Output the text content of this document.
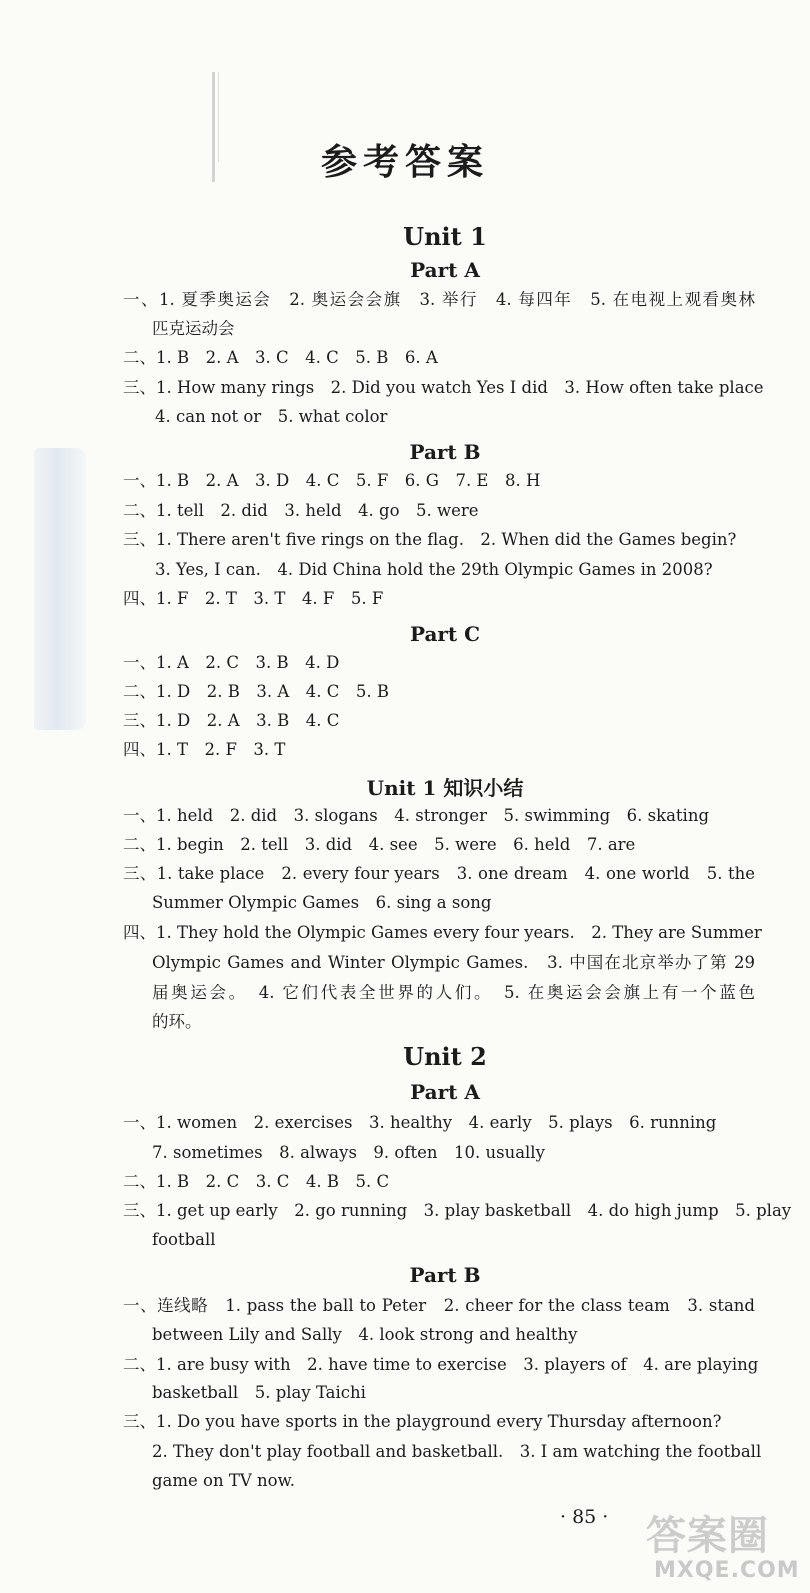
参考答案
Unit 1
Part A
一、1. 夏季奥运会　2. 奥运会会旗　3. 举行　4. 每四年　5. 在电视上观看奥林
匹克运动会
二、1. B　2. A　3. C　4. C　5. B　6. A
三、1. How many rings　2. Did you watch Yes I did　3. How often take place
4. can not or　5. what color
Part B
一、1. B　2. A　3. D　4. C　5. F　6. G　7. E　8. H
二、1. tell　2. did　3. held　4. go　5. were
三、1. There aren't five rings on the flag.　2. When did the Games begin?
3. Yes, I can.　4. Did China hold the 29th Olympic Games in 2008?
四、1. F　2. T　3. T　4. F　5. F
Part C
一、1. A　2. C　3. B　4. D
二、1. D　2. B　3. A　4. C　5. B
三、1. D　2. A　3. B　4. C
四、1. T　2. F　3. T
Unit 1 知识小结
一、1. held　2. did　3. slogans　4. stronger　5. swimming　6. skating
二、1. begin　2. tell　3. did　4. see　5. were　6. held　7. are
三、1. take place　2. every four years　3. one dream　4. one world　5. the
Summer Olympic Games　6. sing a song
四、1. They hold the Olympic Games every four years.　2. They are Summer
Olympic Games and Winter Olympic Games.　3. 中国在北京举办了第 29
届奥运会。　4. 它们代表全世界的人们。　5. 在奥运会会旗上有一个蓝色
的环。
Unit 2
Part A
一、1. women　2. exercises　3. healthy　4. early　5. plays　6. running
7. sometimes　8. always　9. often　10. usually
二、1. B　2. C　3. C　4. B　5. C
三、1. get up early　2. go running　3. play basketball　4. do high jump　5. play
football
Part B
一、连线略　1. pass the ball to Peter　2. cheer for the class team　3. stand
between Lily and Sally　4. look strong and healthy
二、1. are busy with　2. have time to exercise　3. players of　4. are playing
basketball　5. play Taichi
三、1. Do you have sports in the playground every Thursday afternoon?
2. They don't play football and basketball.　3. I am watching the football
game on TV now.
· 85 · 答案圈
MXQE.COM
